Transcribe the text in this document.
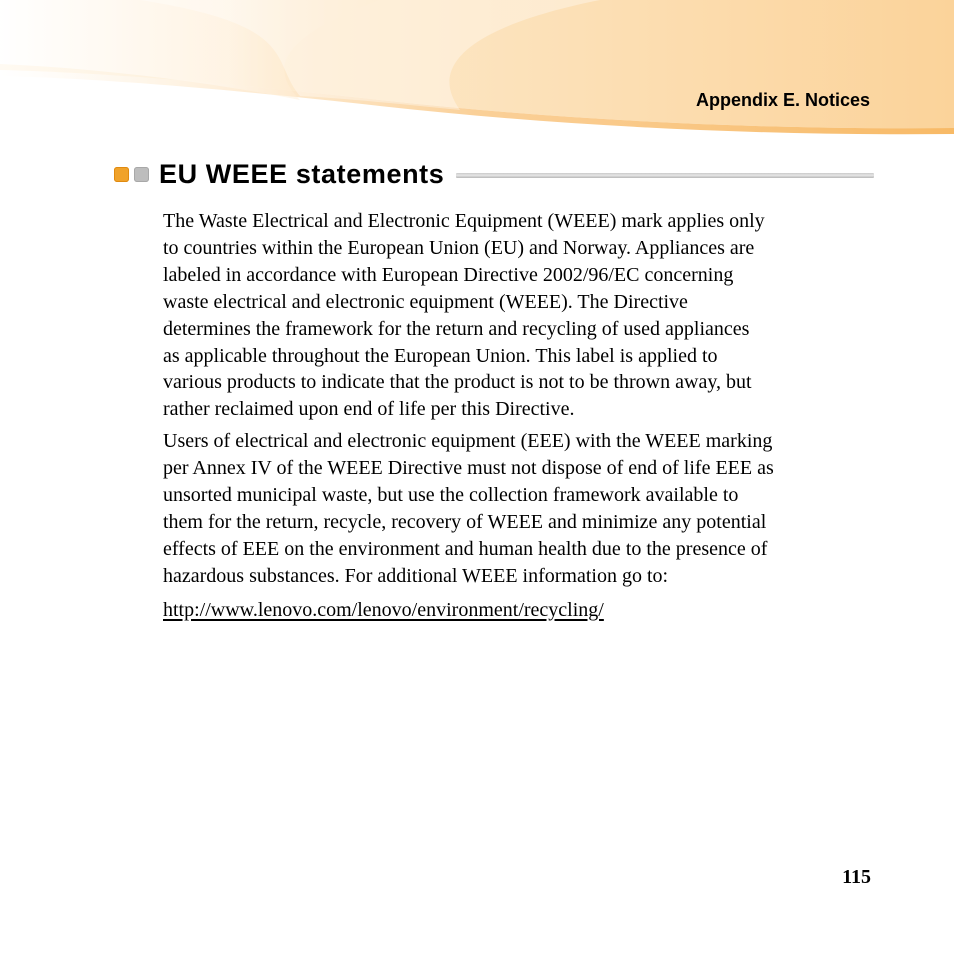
Appendix E. Notices
EU WEEE statements

The Waste Electrical and Electronic Equipment (WEEE) mark applies only
to countries within the European Union (EU) and Norway. Appliances are
labeled in accordance with European Directive 2002/96/EC concerning
waste electrical and electronic equipment (WEEE). The Directive
determines the framework for the return and recycling of used appliances
as applicable throughout the European Union. This label is applied to
various products to indicate that the product is not to be thrown away, but
rather reclaimed upon end of life per this Directive.

Users of electrical and electronic equipment (EEE) with the WEEE marking
per Annex IV of the WEEE Directive must not dispose of end of life EEE as
unsorted municipal waste, but use the collection framework available to
them for the return, recycle, recovery of WEEE and minimize any potential
effects of EEE on the environment and human health due to the presence of
hazardous substances. For additional WEEE information go to:

http://www.lenovo.com/lenovo/environment/recycling/
115
